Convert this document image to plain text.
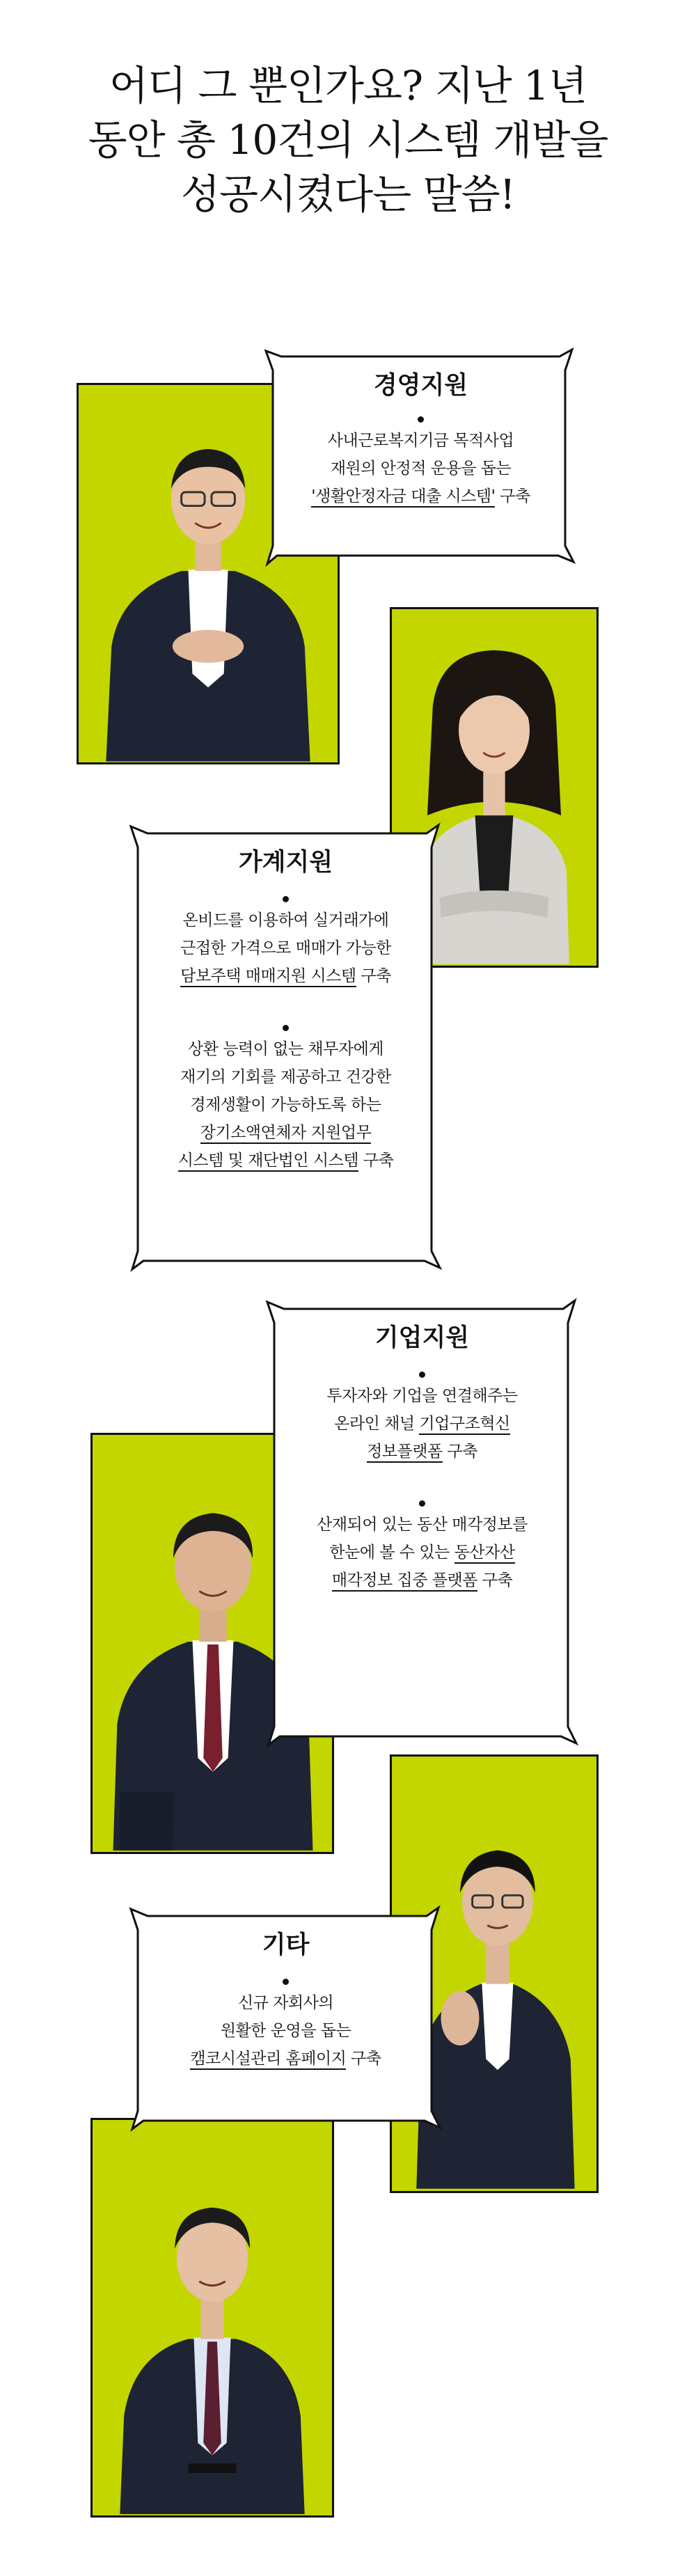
어디 그 뿐인가요? 지난 1년
동안 총 10건의 시스템 개발을
성공시켰다는 말씀!
경영지원
사내근로복지기금 목적사업
재원의 안정적 운용을 돕는
'생활안정자금 대출 시스템' 구축
가계지원
온비드를 이용하여 실거래가에
근접한 가격으로 매매가 가능한
담보주택 매매지원 시스템 구축
상환 능력이 없는 채무자에게
재기의 기회를 제공하고 건강한
경제생활이 가능하도록 하는
장기소액연체자 지원업무
시스템 및 재단법인 시스템 구축
기업지원
투자자와 기업을 연결해주는
온라인 채널 기업구조혁신
정보플랫폼 구축
산재되어 있는 동산 매각정보를
한눈에 볼 수 있는 동산자산
매각정보 집중 플랫폼 구축
기타
신규 자회사의
원활한 운영을 돕는
캠코시설관리 홈페이지 구축
